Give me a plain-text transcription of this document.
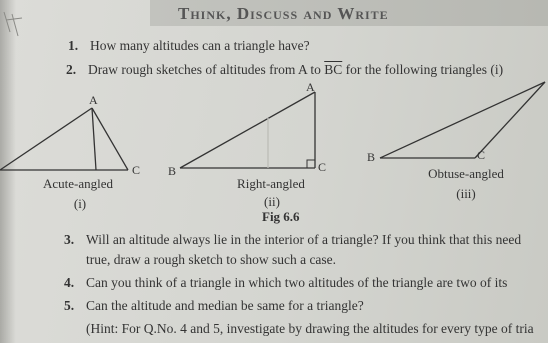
Think, Discuss and Write
1. How many altitudes can a triangle have?
2. Draw rough sketches of altitudes from A to $\overline{BC}$ for the following triangles (i)
A
C
A
B	C
B	C
Acute-angled
(i)
Right-angled
(ii)
Obtuse-angled
(iii)
Fig 6.6
3. Will an altitude always lie in the interior of a triangle? If you think that this need
true, draw a rough sketch to show such a case.
4. Can you think of a triangle in which two altitudes of the triangle are two of its
5. Can the altitude and median be same for a triangle?
(Hint: For Q.No. 4 and 5, investigate by drawing the altitudes for every type of tria
